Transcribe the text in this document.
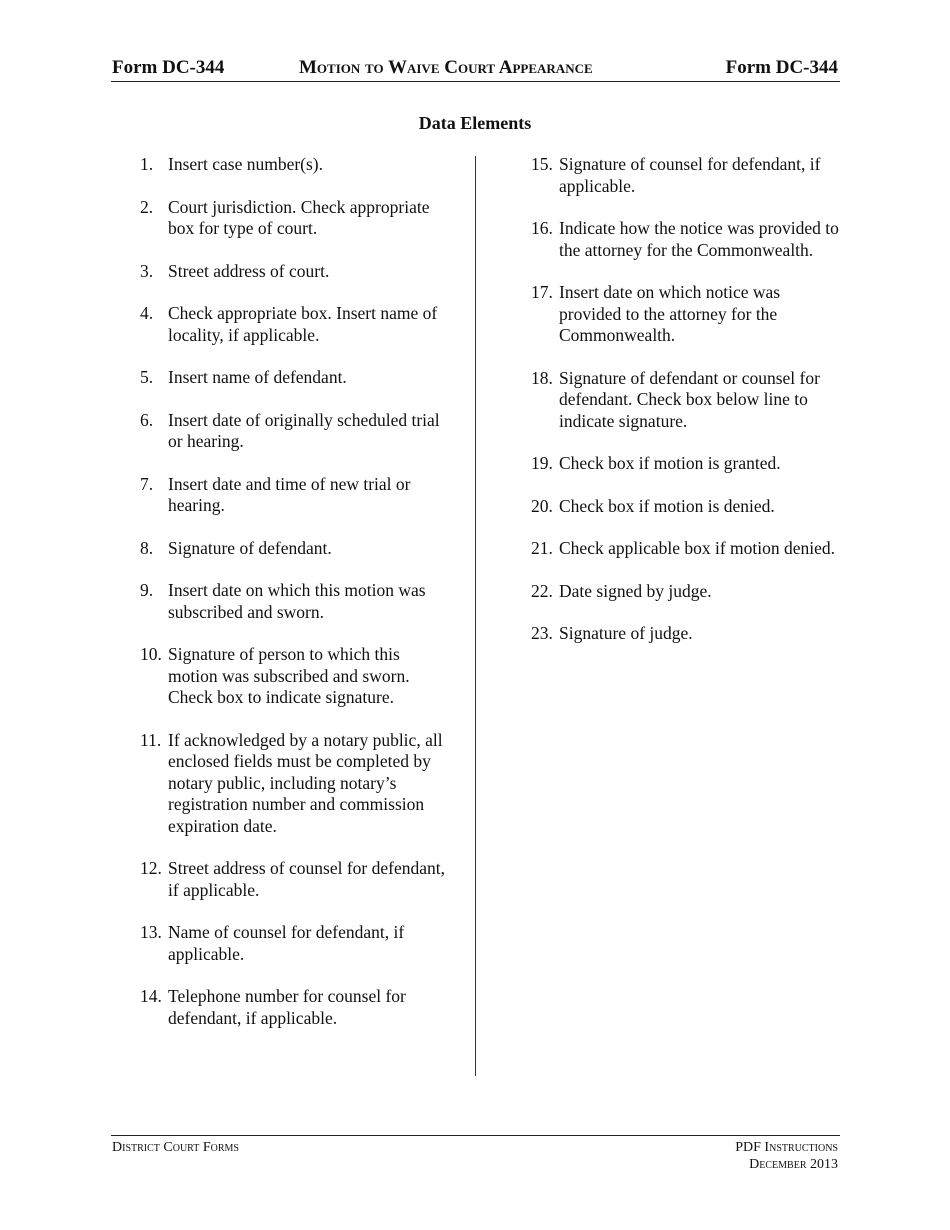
Form DC-344	Motion to Waive Court Appearance	Form DC-344
Data Elements
1. Insert case number(s).
2. Court jurisdiction. Check appropriate box for type of court.
3. Street address of court.
4. Check appropriate box. Insert name of locality, if applicable.
5. Insert name of defendant.
6. Insert date of originally scheduled trial or hearing.
7. Insert date and time of new trial or hearing.
8. Signature of defendant.
9. Insert date on which this motion was subscribed and sworn.
10. Signature of person to which this motion was subscribed and sworn. Check box to indicate signature.
11. If acknowledged by a notary public, all enclosed fields must be completed by notary public, including notary’s registration number and commission expiration date.
12. Street address of counsel for defendant, if applicable.
13. Name of counsel for defendant, if applicable.
14. Telephone number for counsel for defendant, if applicable.
15. Signature of counsel for defendant, if applicable.
16. Indicate how the notice was provided to the attorney for the Commonwealth.
17. Insert date on which notice was provided to the attorney for the Commonwealth.
18. Signature of defendant or counsel for defendant. Check box below line to indicate signature.
19. Check box if motion is granted.
20. Check box if motion is denied.
21. Check applicable box if motion denied.
22. Date signed by judge.
23. Signature of judge.
District Court Forms	PDF Instructions
December 2013
